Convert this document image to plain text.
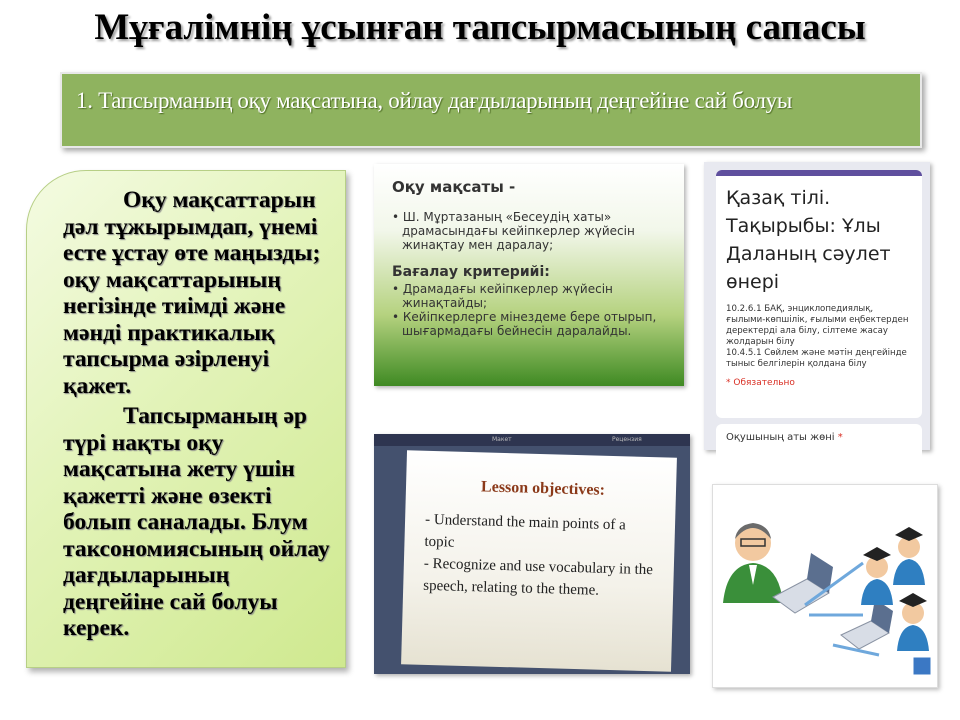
Мұғалімнің ұсынған тапсырмасының сапасы
1. Тапсырманың оқу мақсатына, ойлау дағдыларының деңгейіне сай болуы

Оқу мақсаттарын дәл тұжырымдап, үнемі есте ұстау өте маңызды; оқу мақсаттарының негізінде тиімді және мәнді практикалық тапсырма әзірленуі қажет.

Тапсырманың әр түрі нақты оқу мақсатына жету үшін қажетті және өзекті болып саналады. Блум таксономиясының ойлау дағдыларының деңгейіне сай болуы керек.

Оқу мақсаты -
• Ш. Мұртазаның «Бесеудің хаты» драмасындағы кейіпкерлер жүйесін жинақтау мен даралау;
Бағалау критерийі:
• Драмадағы кейіпкерлер жүйесін жинақтайды;
• Кейіпкерлерге мінездеме бере отырып, шығармадағы бейнесін даралайды.
Қазақ тілі.
Тақырыбы: Ұлы
Даланың сәулет
өнері
10.2.6.1 БАҚ, энциклопедиялық, ғылыми-көпшілік, ғылыми еңбектерден деректерді ала білу, сілтеме жасау жолдарын білу
10.4.5.1 Сөйлем және мәтін деңгейінде тыныс белгілерін қолдана білу
* Обязательно
Оқушының аты жөні *
Макет	Рецензия
Lesson objectives:
- Understand the main points of a topic
- Recognize and use vocabulary in the speech, relating to the theme.
